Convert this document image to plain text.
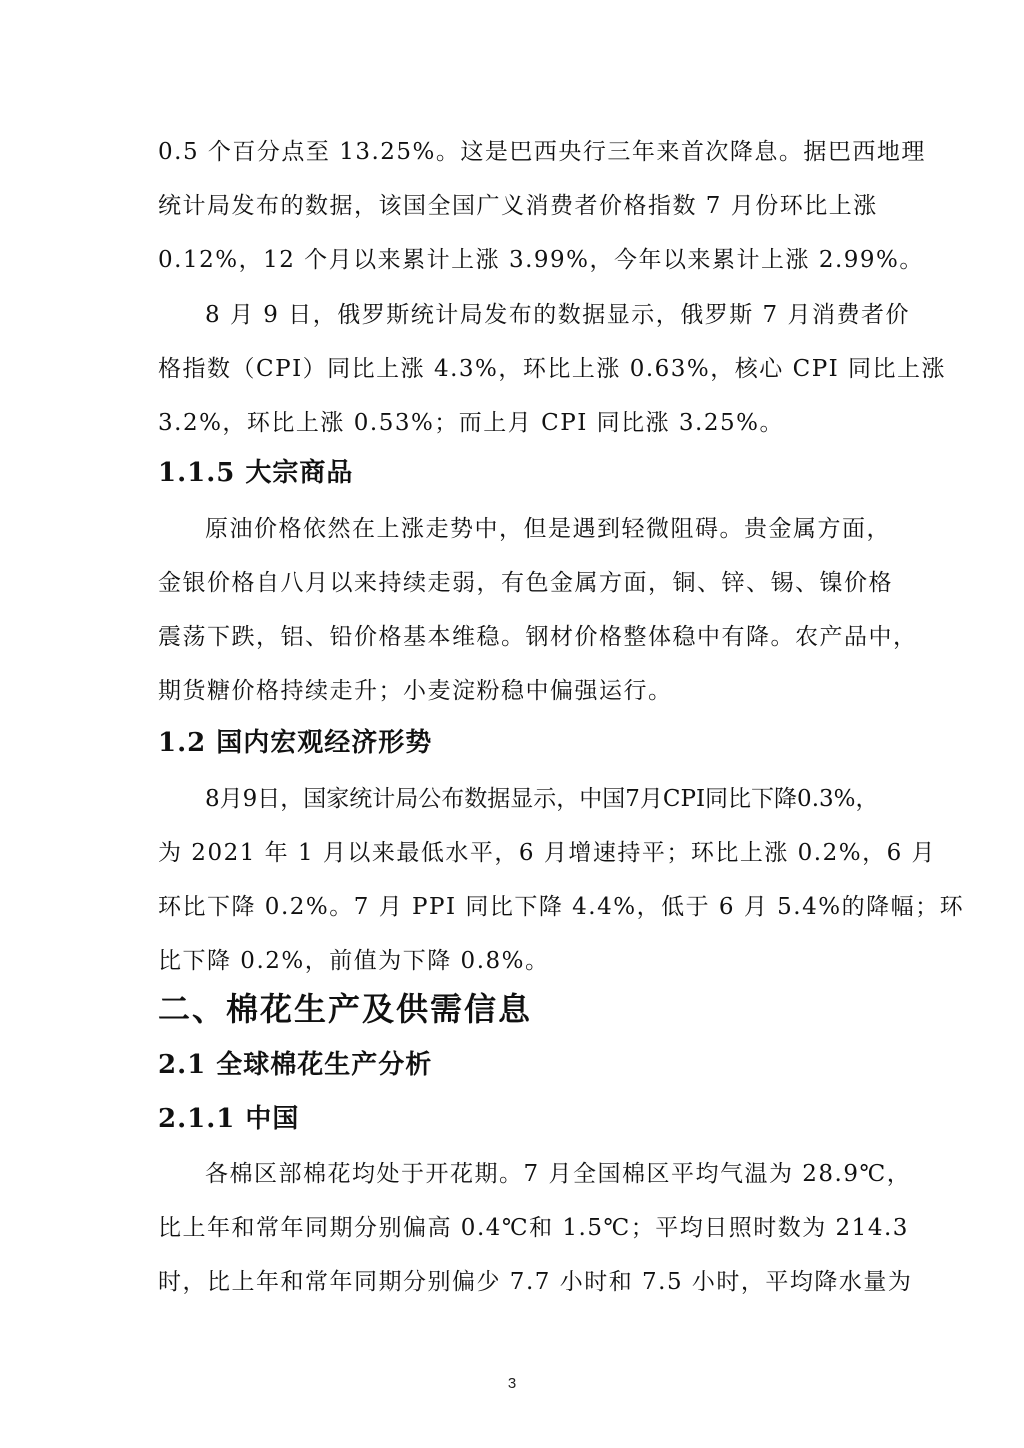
0.5 个百分点至 13.25%。这是巴西央行三年来首次降息。据巴西地理

统计局发布的数据，该国全国广义消费者价格指数 7 月份环比上涨

0.12%，12 个月以来累计上涨 3.99%，今年以来累计上涨 2.99%。

8 月 9 日，俄罗斯统计局发布的数据显示，俄罗斯 7 月消费者价

格指数（CPI）同比上涨 4.3%，环比上涨 0.63%，核心 CPI 同比上涨

3.2%，环比上涨 0.53%；而上月 CPI 同比涨 3.25%。

1.1.5 大宗商品

原油价格依然在上涨走势中，但是遇到轻微阻碍。贵金属方面，

金银价格自八月以来持续走弱，有色金属方面，铜、锌、锡、镍价格

震荡下跌，铝、铅价格基本维稳。钢材价格整体稳中有降。农产品中，

期货糖价格持续走升；小麦淀粉稳中偏强运行。

1.2 国内宏观经济形势

8月9日，国家统计局公布数据显示，中国7月CPI同比下降0.3%，

为 2021 年 1 月以来最低水平，6 月增速持平；环比上涨 0.2%，6 月

环比下降 0.2%。7 月 PPI 同比下降 4.4%，低于 6 月 5.4%的降幅；环

比下降 0.2%，前值为下降 0.8%。

二、棉花生产及供需信息
2.1 全球棉花生产分析
2.1.1 中国

各棉区部棉花均处于开花期。7 月全国棉区平均气温为 28.9℃，

比上年和常年同期分别偏高 0.4℃和 1.5℃；平均日照时数为 214.3

时，比上年和常年同期分别偏少 7.7 小时和 7.5 小时，平均降水量为

3
